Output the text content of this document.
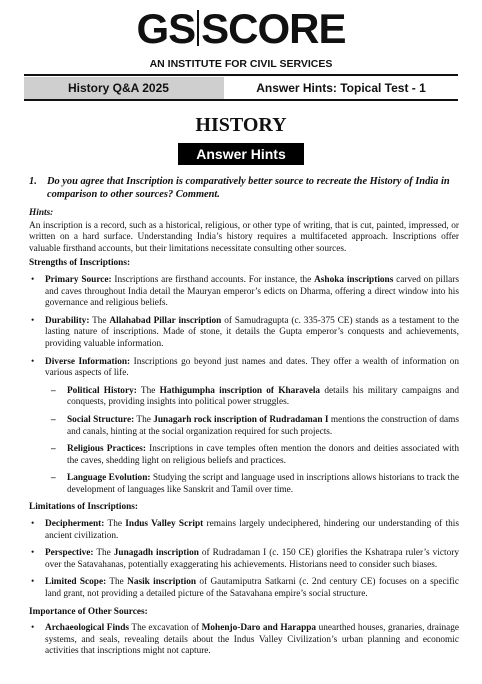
GS SCORE
AN INSTITUTE FOR CIVIL SERVICES
History Q&A 2025	Answer Hints: Topical Test - 1
HISTORY
Answer Hints
1. Do you agree that Inscription is comparatively better source to recreate the History of India in comparison to other sources? Comment.
Hints:
An inscription is a record, such as a historical, religious, or other type of writing, that is cut, painted, impressed, or written on a hard surface. Understanding India’s history requires a multifaceted approach. Inscriptions offer valuable firsthand accounts, but their limitations necessitate consulting other sources.
Strengths of Inscriptions:
•	Primary Source: Inscriptions are firsthand accounts. For instance, the Ashoka inscriptions carved on pillars and caves throughout India detail the Mauryan emperor’s edicts on Dharma, offering a direct window into his governance and religious beliefs.
•	Durability: The Allahabad Pillar inscription of Samudragupta (c. 335-375 CE) stands as a testament to the lasting nature of inscriptions. Made of stone, it details the Gupta emperor’s conquests and achievements, providing valuable information.
•	Diverse Information: Inscriptions go beyond just names and dates. They offer a wealth of information on various aspects of life.
–	Political History: The Hathigumpha inscription of Kharavela details his military campaigns and conquests, providing insights into political power struggles.
–	Social Structure: The Junagarh rock inscription of Rudradaman I mentions the construction of dams and canals, hinting at the social organization required for such projects.
–	Religious Practices: Inscriptions in cave temples often mention the donors and deities associated with the caves, shedding light on religious beliefs and practices.
–	Language Evolution: Studying the script and language used in inscriptions allows historians to track the development of languages like Sanskrit and Tamil over time.
Limitations of Inscriptions:
•	Decipherment: The Indus Valley Script remains largely undeciphered, hindering our understanding of this ancient civilization.
•	Perspective: The Junagadh inscription of Rudradaman I (c. 150 CE) glorifies the Kshatrapa ruler’s victory over the Satavahanas, potentially exaggerating his achievements. Historians need to consider such biases.
•	Limited Scope: The Nasik inscription of Gautamiputra Satkarni (c. 2nd century CE) focuses on a specific land grant, not providing a detailed picture of the Satavahana empire’s social structure.
Importance of Other Sources:
•	Archaeological Finds The excavation of Mohenjo-Daro and Harappa unearthed houses, granaries, drainage systems, and seals, revealing details about the Indus Valley Civilization’s urban planning and economic activities that inscriptions might not capture.
